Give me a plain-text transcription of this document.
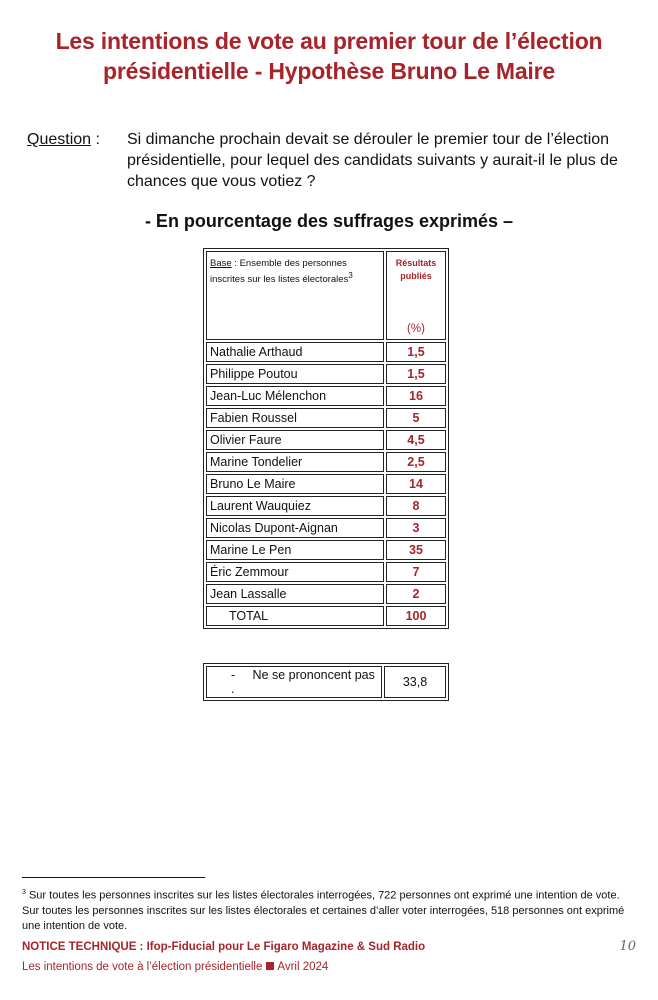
Les intentions de vote au premier tour de l’élection
présidentielle - Hypothèse Bruno Le Maire
Question : Si dimanche prochain devait se dérouler le premier tour de l’élection présidentielle, pour lequel des candidats suivants y aurait-il le plus de chances que vous votiez ?
- En pourcentage des suffrages exprimés –
Base : Ensemble des personnes inscrites sur les listes électorales$^3$	Résultats
publiés
(%)

Nathalie Arthaud	1,5
Philippe Poutou	1,5
Jean-Luc Mélenchon	16
Fabien Roussel	5
Olivier Faure	4,5
Marine Tondelier	2,5
Bruno Le Maire	14
Laurent Wauquiez	8
Nicolas Dupont-Aignan	3
Marine Le Pen	35
Éric Zemmour	7
Jean Lassalle	2
TOTAL	100
- Ne se prononcent pas .	33,8
$^3$ Sur toutes les personnes inscrites sur les listes électorales interrogées, 722 personnes ont exprimé une intention de vote. Sur toutes les personnes inscrites sur les listes électorales et certaines d’aller voter interrogées, 518 personnes ont exprimé une intention de vote.
NOTICE TECHNIQUE : Ifop-Fiducial pour Le Figaro Magazine & Sud Radio	10
Les intentions de vote à l’élection présidentielle Avril 2024
